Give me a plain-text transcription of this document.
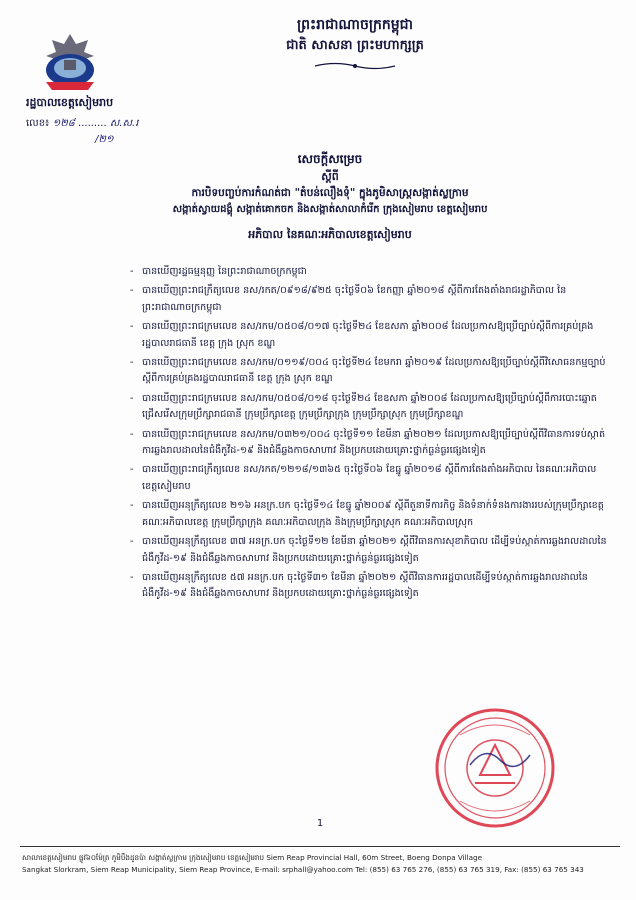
ព្រះរាជាណាចក្រកម្ពុជា
ជាតិ សាសនា ព្រះមហាក្សត្រ
រដ្ឋបាលខេត្តសៀមរាប
លេខ៖ ១២៨ ......... ស.ស.រ
/២១
សេចក្តីសម្រេច
ស្តីពី
ការបិទបញ្ចប់ការកំណត់ជា "តំបន់លឿងទុំ" ក្នុងភូមិសាស្ត្រសង្កាត់ស្លក្រាម
សង្កាត់ស្វាយដង្គុំ សង្កាត់គោកចក និងសង្កាត់សាលាកំរើក ក្រុងសៀមរាប ខេត្តសៀមរាប
អភិបាល នៃគណៈអភិបាលខេត្តសៀមរាប
- បានឃើញរដ្ឋធម្មនុញ្ញ នៃព្រះរាជាណាចក្រកម្ពុជា
- បានឃើញព្រះរាជក្រឹត្យលេខ នស/រកត/០៩១៨/៩២៥ ចុះថ្ងៃទី០៦ ខែកញ្ញា ឆ្នាំ២០១៨ ស្តីពីការតែងតាំងរាជរដ្ឋាភិបាល នៃព្រះរាជាណាចក្រកម្ពុជា
- បានឃើញព្រះរាជក្រមលេខ នស/រកម/០៥០៨/០១៧ ចុះថ្ងៃទី២៤ ខែឧសភា ឆ្នាំ២០០៨ ដែលប្រកាសឱ្យប្រើច្បាប់ស្តីពីការគ្រប់គ្រងរដ្ឋបាលរាជធានី ខេត្ត ក្រុង ស្រុក ខណ្ឌ
- បានឃើញព្រះរាជក្រមលេខ នស/រកម/០១១៩/០០៤ ចុះថ្ងៃទី២៤ ខែមករា ឆ្នាំ២០១៩ ដែលប្រកាសឱ្យប្រើច្បាប់ស្តីពីវិសោធនកម្មច្បាប់ស្តីពីការគ្រប់គ្រងរដ្ឋបាលរាជធានី ខេត្ត ក្រុង ស្រុក ខណ្ឌ
- បានឃើញព្រះរាជក្រមលេខ នស/រកម/០៥០៨/០១៨ ចុះថ្ងៃទី២៤ ខែឧសភា ឆ្នាំ២០០៨ ដែលប្រកាសឱ្យប្រើច្បាប់ស្តីពីការបោះឆ្នោតជ្រើសរើសក្រុមប្រឹក្សារាជធានី ក្រុមប្រឹក្សាខេត្ត ក្រុមប្រឹក្សាក្រុង ក្រុមប្រឹក្សាស្រុក ក្រុមប្រឹក្សាខណ្ឌ
- បានឃើញព្រះរាជក្រមលេខ នស/រកម/០៣២១/០០៤ ចុះថ្ងៃទី១១ ខែមីនា ឆ្នាំ២០២១ ដែលប្រកាសឱ្យប្រើច្បាប់ស្តីពីវិធានការទប់ស្កាត់ការឆ្លងរាលដាលនៃជំងឺកូវីដ-១៩ និងជំងឺឆ្លងកាចសាហាវ និងប្រកបដោយគ្រោះថ្នាក់ធ្ងន់ធ្ងរផ្សេងទៀត
- បានឃើញព្រះរាជក្រឹត្យលេខ នស/រកត/១២១៨/១៣៦៥ ចុះថ្ងៃទី០៦ ខែធ្នូ ឆ្នាំ២០១៨ ស្តីពីការតែងតាំងអភិបាល នៃគណៈអភិបាលខេត្តសៀមរាប
- បានឃើញអនុក្រឹត្យលេខ ២១៦ អនក្រ.បក ចុះថ្ងៃទី១៤ ខែធ្នូ ឆ្នាំ២០០៩ ស្តីពីតួនាទីការកិច្ច និងទំនាក់ទំនងការងាររបស់ក្រុមប្រឹក្សាខេត្ត គណៈអភិបាលខេត្ត ក្រុមប្រឹក្សាក្រុង គណៈអភិបាលក្រុង និងក្រុមប្រឹក្សាស្រុក គណៈអភិបាលស្រុក
- បានឃើញអនុក្រឹត្យលេខ ៣៧ អនក្រ.បក ចុះថ្ងៃទី១២ ខែមីនា ឆ្នាំ២០២១ ស្តីពីវិធានការសុខាភិបាល ដើម្បីទប់ស្កាត់ការឆ្លងរាលដាលនៃជំងឺកូវីដ-១៩ និងជំងឺឆ្លងកាចសាហាវ និងប្រកបដោយគ្រោះថ្នាក់ធ្ងន់ធ្ងរផ្សេងទៀត
- បានឃើញអនុក្រឹត្យលេខ ៥៧ អនក្រ.បក ចុះថ្ងៃទី៣១ ខែមីនា ឆ្នាំ២០២១ ស្តីពីវិធានការរដ្ឋបាលដើម្បីទប់ស្កាត់ការឆ្លងរាលដាលនៃជំងឺកូវីដ-១៩ និងជំងឺឆ្លងកាចសាហាវ និងប្រកបដោយគ្រោះថ្នាក់ធ្ងន់ធ្ងរផ្សេងទៀត
1
សាលាខេត្តសៀមរាប ផ្លូវ៦០ម៉ែត្រ ភូមិបឹងដូនប៉ា សង្កាត់ស្លក្រាម ក្រុងសៀមរាប ខេត្តសៀមរាប Siem Reap Provincial Hall, 60m Street, Boeng Donpa Village
Sangkat Slorkram, Siem Reap Municipality, Siem Reap Province, E-mail: srphall@yahoo.com Tel: (855) 63 765 276, (855) 63 765 319, Fax: (855) 63 765 343
